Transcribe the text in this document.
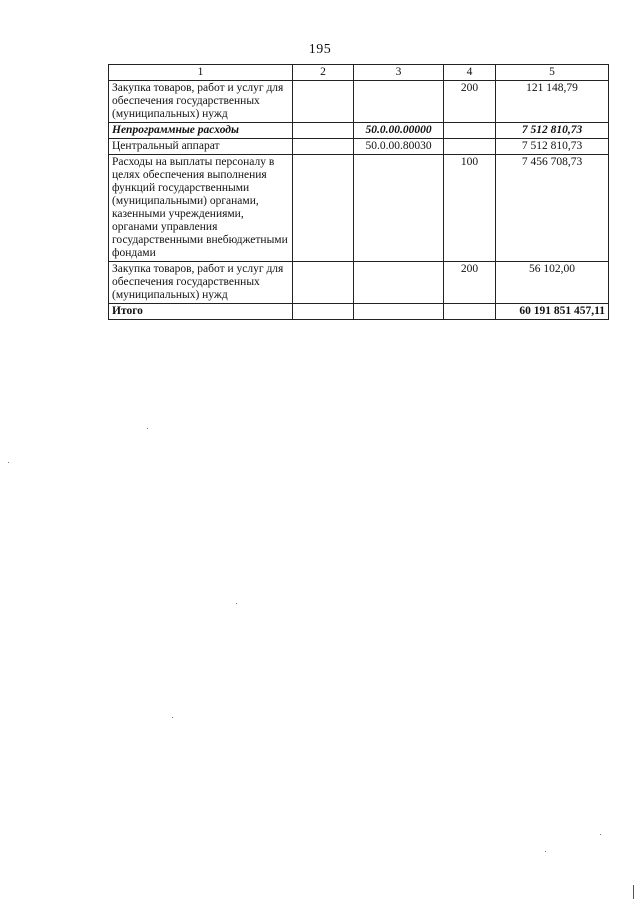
195
1	2	3	4	5
Закупка товаров, работ и услуг для обеспечения государственных (муниципальных) нужд			200	121 148,79
Непрограммные расходы		50.0.00.00000		7 512 810,73
Центральный аппарат		50.0.00.80030		7 512 810,73
Расходы на выплаты персоналу в целях обеспечения выполнения функций государственными (муниципальными) органами, казенными учреждениями, органами управления государственными внебюджетными фондами			100	7 456 708,73
Закупка товаров, работ и услуг для обеспечения государственных (муниципальных) нужд			200	56 102,00
Итого				60 191 851 457,11
